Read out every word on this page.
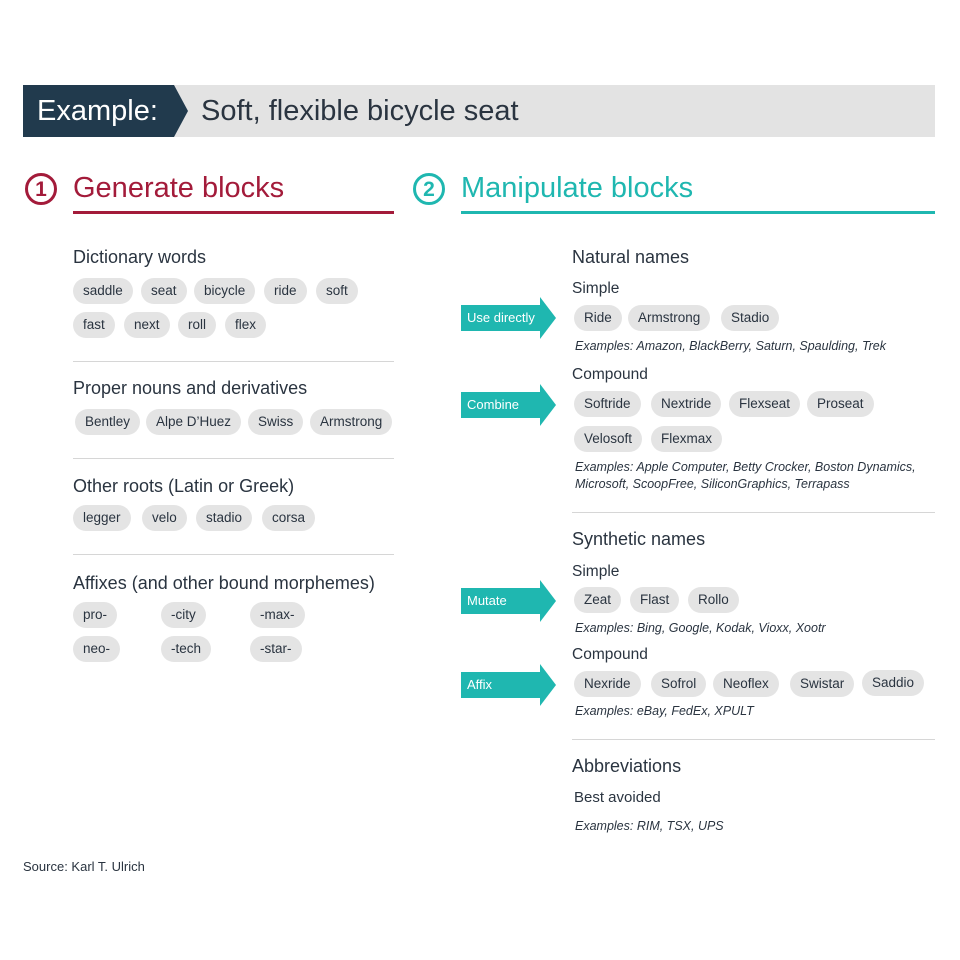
Example: Soft, flexible bicycle seat
1 Generate blocks	2 Manipulate blocks
Dictionary words
saddle	seat	bicycle	ride	soft
fast	next	roll	flex
Proper nouns and derivatives
Bentley	Alpe D’Huez	Swiss	Armstrong
Other roots (Latin or Greek)
legger	velo	stadio	corsa
Affixes (and other bound morphemes)
pro-	-city	-max-
neo-	-tech	-star-
Natural names
Simple
Use directly	Ride	Armstrong	Stadio
Examples: Amazon, BlackBerry, Saturn, Spaulding, Trek
Compound
Combine	Softride	Nextride	Flexseat	Proseat
Velosoft	Flexmax
Examples: Apple Computer, Betty Crocker, Boston Dynamics,
Microsoft, ScoopFree, SiliconGraphics, Terrapass
Synthetic names
Simple
Mutate	Zeat	Flast	Rollo
Examples: Bing, Google, Kodak, Vioxx, Xootr
Compound
Affix	Nexride	Sofrol	Neoflex	Swistar	Saddio
Examples: eBay, FedEx, XPULT
Abbreviations
Best avoided
Examples: RIM, TSX, UPS
Source: Karl T. Ulrich
